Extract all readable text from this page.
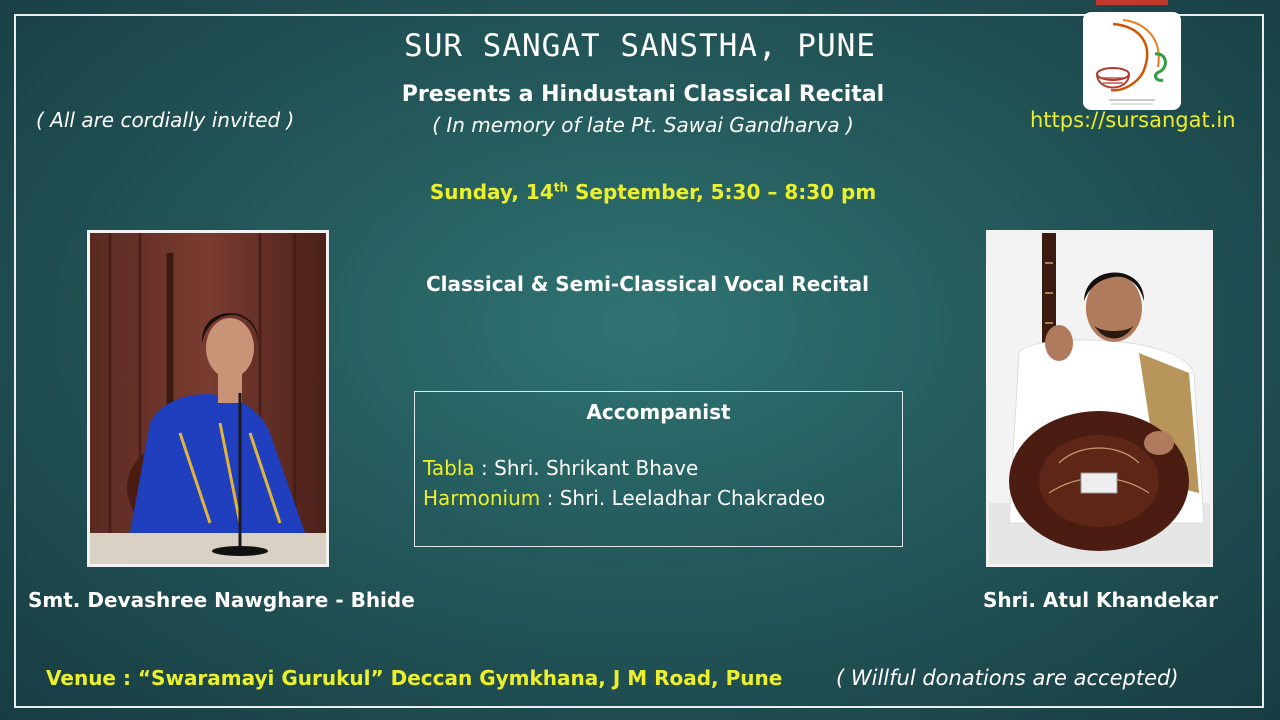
SUR SANGAT SANSTHA, PUNE
Presents a Hindustani Classical Recital
( In memory of late Pt. Sawai Gandharva )
( All are cordially invited )	https://sursangat.in
Sunday, 14th September, 5:30 – 8:30 pm
Classical & Semi-Classical Vocal Recital
Accompanist
Tabla : Shri. Shrikant Bhave
Harmonium : Shri. Leeladhar Chakradeo
Smt. Devashree Nawghare - Bhide	Shri. Atul Khandekar
Venue : “Swaramayi Gurukul” Deccan Gymkhana, J M Road, Pune	( Willful donations are accepted)
